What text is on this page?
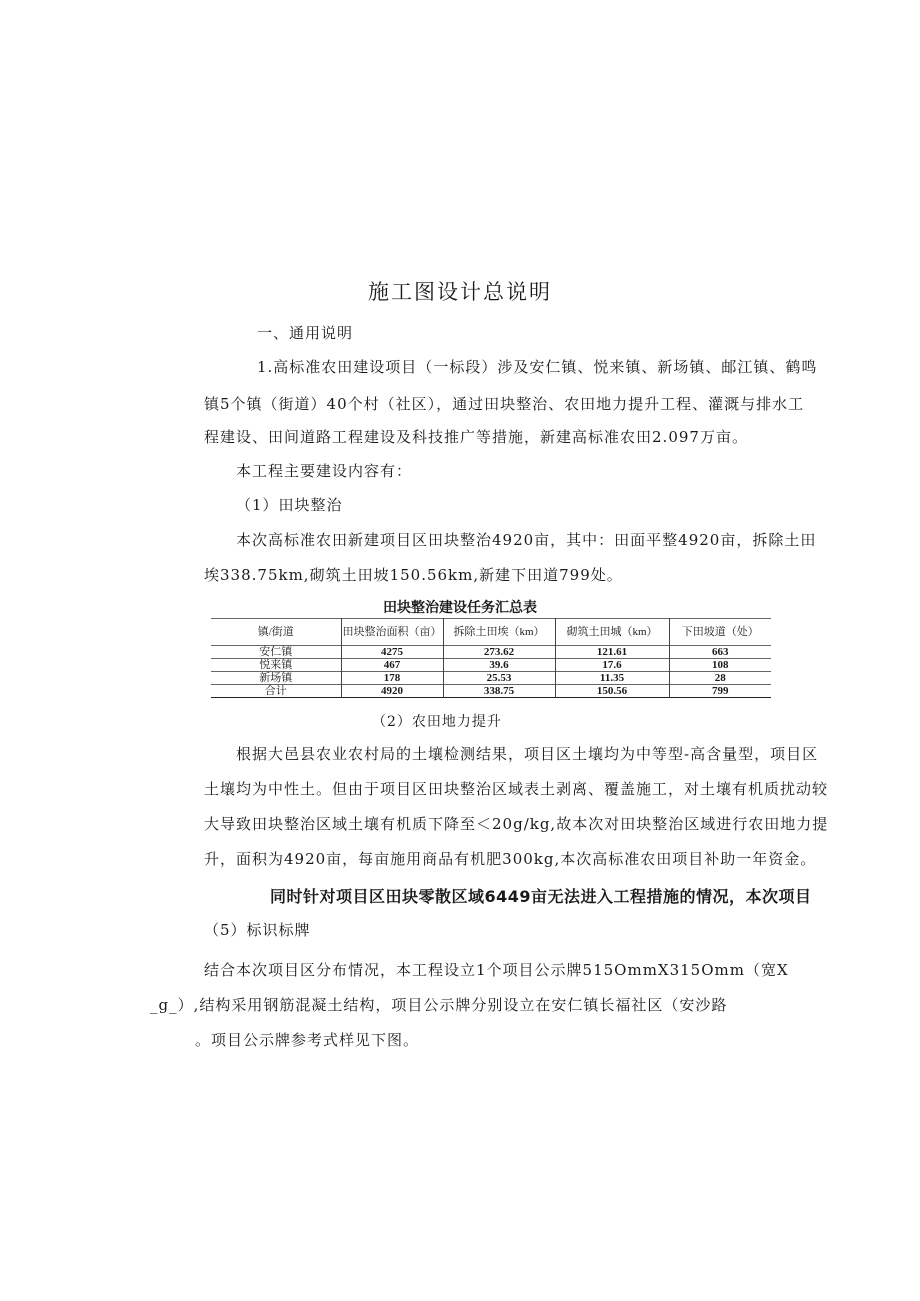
施工图设计总说明
一、通用说明
1.高标准农田建设项目（一标段）涉及安仁镇、悦来镇、新场镇、邮江镇、鹤鸣
镇5个镇（街道）40个村（社区），通过田块整治、农田地力提升工程、灌溉与排水工
程建设、田间道路工程建设及科技推广等措施，新建高标准农田2.097万亩。
本工程主要建设内容有：
（1）田块整治
本次高标准农田新建项目区田块整治4920亩，其中：田面平整4920亩，拆除土田
埃338.75km,砌筑土田坡150.56km,新建下田道799处。
田块整治建设任务汇总表
镇/街道	田块整治面积（亩）	拆除土田埃（km）	砌筑土田城（km）	下田坡道（处）
安仁镇	4275	273.62	121.61	663
悦来镇	467	39.6	17.6	108
新场镇	178	25.53	11.35	28
合计	4920	338.75	150.56	799
（2）农田地力提升
根据大邑县农业农村局的土壤检测结果，项目区土壤均为中等型-高含量型，项目区
土壤均为中性土。但由于项目区田块整治区域表土剥离、覆盖施工，对土壤有机质扰动较
大导致田块整治区域土壤有机质下降至＜20g∕kg,故本次对田块整治区域进行农田地力提
升，面积为4920亩，每亩施用商品有机肥300kg,本次高标准农田项目补助一年资金。
同时针对项目区田块零散区域6449亩无法进入工程措施的情况，本次项目
（5）标识标牌
结合本次项目区分布情况，本工程设立1个项目公示牌515OmmX315Omm（宽X
_g_）,结构采用钢筋混凝土结构，项目公示牌分别设立在安仁镇长福社区（安沙路
。项目公示牌参考式样见下图。
